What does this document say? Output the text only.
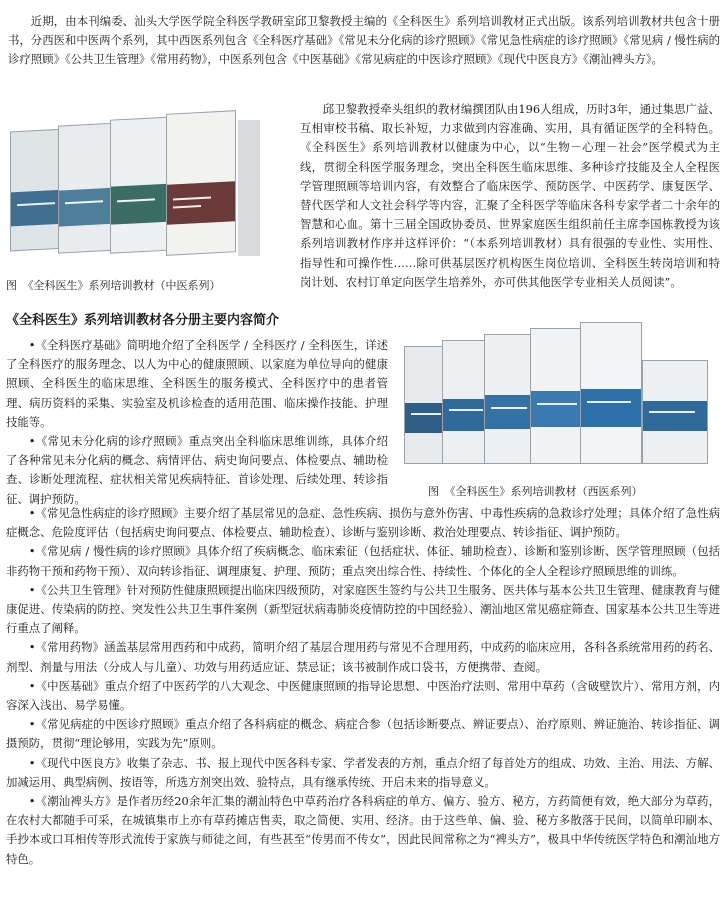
近期，由本刊编委、汕头大学医学院全科医学教研室邱卫黎教授主编的《全科医生》系列培训教材正式出版。该系列培训教材共包含十册书，分西医和中医两个系列，其中西医系列包含《全科医疗基础》《常见未分化病的诊疗照顾》《常见急性病症的诊疗照顾》《常见病 / 慢性病的诊疗照顾》《公共卫生管理》《常用药物》，中医系列包含《中医基础》《常见病症的中医诊疗照顾》《现代中医良方》《潮汕裨头方》。

图　《全科医生》系列培训教材（中医系列）

邱卫黎教授牵头组织的教材编撰团队由196人组成，历时3年，通过集思广益、互相审校书稿、取长补短，力求做到内容准确、实用，具有循证医学的全科特色。《全科医生》系列培训教材以健康为中心，以“生物－心理－社会”医学模式为主线，贯彻全科医学服务理念，突出全科医生临床思维、多种诊疗技能及全人全程医学管理照顾等培训内容，有效整合了临床医学、预防医学、中医药学、康复医学、替代医学和人文社会科学等内容，汇聚了全科医学等临床各科专家学者二十余年的智慧和心血。第十三届全国政协委员、世界家庭医生组织前任主席李国栋教授为该系列培训教材作序并这样评价：“（本系列培训教材）具有很强的专业性、实用性、指导性和可操作性……除可供基层医疗机构医生岗位培训、全科医生转岗培训和特岗计划、农村订单定向医学生培养外，亦可供其他医学专业相关人员阅读”。

《全科医生》系列培训教材各分册主要内容简介

•《全科医疗基础》简明地介绍了全科医学 / 全科医疗 / 全科医生，详述了全科医疗的服务理念、以人为中心的健康照顾、以家庭为单位导向的健康照顾、全科医生的临床思维、全科医生的服务模式、全科医疗中的患者管理、病历资料的采集、实验室及机诊检查的适用范围、临床操作技能、护理技能等。

•《常见未分化病的诊疗照顾》重点突出全科临床思维训练，具体介绍了各种常见未分化病的概念、病情评估、病史询问要点、体检要点、辅助检查、诊断处理流程、症状相关常见疾病特征、首诊处理、后续处理、转诊指征、调护预防。

图　《全科医生》系列培训教材（西医系列）

•《常见急性病症的诊疗照顾》主要介绍了基层常见的急症、急性疾病、损伤与意外伤害、中毒性疾病的急救诊疗处理；具体介绍了急性病症概念、危险度评估（包括病史询问要点、体检要点、辅助检查）、诊断与鉴别诊断、救治处理要点、转诊指征、调护预防。

•《常见病 / 慢性病的诊疗照顾》具体介绍了疾病概念、临床索征（包括症状、体征、辅助检查）、诊断和鉴别诊断、医学管理照顾（包括非药物干预和药物干预）、双向转诊指征、调理康复、护理、预防；重点突出综合性、持续性、个体化的全人全程诊疗照顾思维的训练。

•《公共卫生管理》针对预防性健康照顾提出临床四级预防，对家庭医生签约与公共卫生服务、医共体与基本公共卫生管理、健康教育与健康促进、传染病的防控、突发性公共卫生事件案例（新型冠状病毒肺炎疫情防控的中国经验）、潮汕地区常见癌症筛查、国家基本公共卫生等进行重点了阐释。

•《常用药物》涵盖基层常用西药和中成药，简明介绍了基层合理用药与常见不合理用药，中成药的临床应用，各科各系统常用药的药名、剂型、剂量与用法（分成人与儿童）、功效与用药适应证、禁忌证；该书被制作成口袋书，方便携带、查阅。

•《中医基础》重点介绍了中医药学的八大观念、中医健康照顾的指导论思想、中医治疗法则、常用中草药（含破壁饮片）、常用方剂，内容深入浅出、易学易懂。

•《常见病症的中医诊疗照顾》重点介绍了各科病症的概念、病症合参（包括诊断要点、辨证要点）、治疗原则、辨证施治、转诊指征、调摄预防，贯彻“理论够用，实践为先”原则。

•《现代中医良方》收集了杂志、书、报上现代中医各科专家、学者发表的方剂，重点介绍了每首处方的组成、功效、主治、用法、方解、加减运用、典型病例、按语等，所选方剂突出效、验特点，具有继承传统、开启未来的指导意义。

•《潮汕裨头方》是作者历经20余年汇集的潮汕特色中草药治疗各科病症的单方、偏方、验方、秘方，方药简便有效，绝大部分为草药，在农村大都随手可采，在城镇集市上亦有草药摊店售卖，取之简便、实用、经济。由于这些单、偏、验、秘方多散落于民间，以简单印刷本、手抄本或口耳相传等形式流传于家族与师徒之间，有些甚至“传男而不传女”，因此民间常称之为“裨头方”，极具中华传统医学特色和潮汕地方特色。
